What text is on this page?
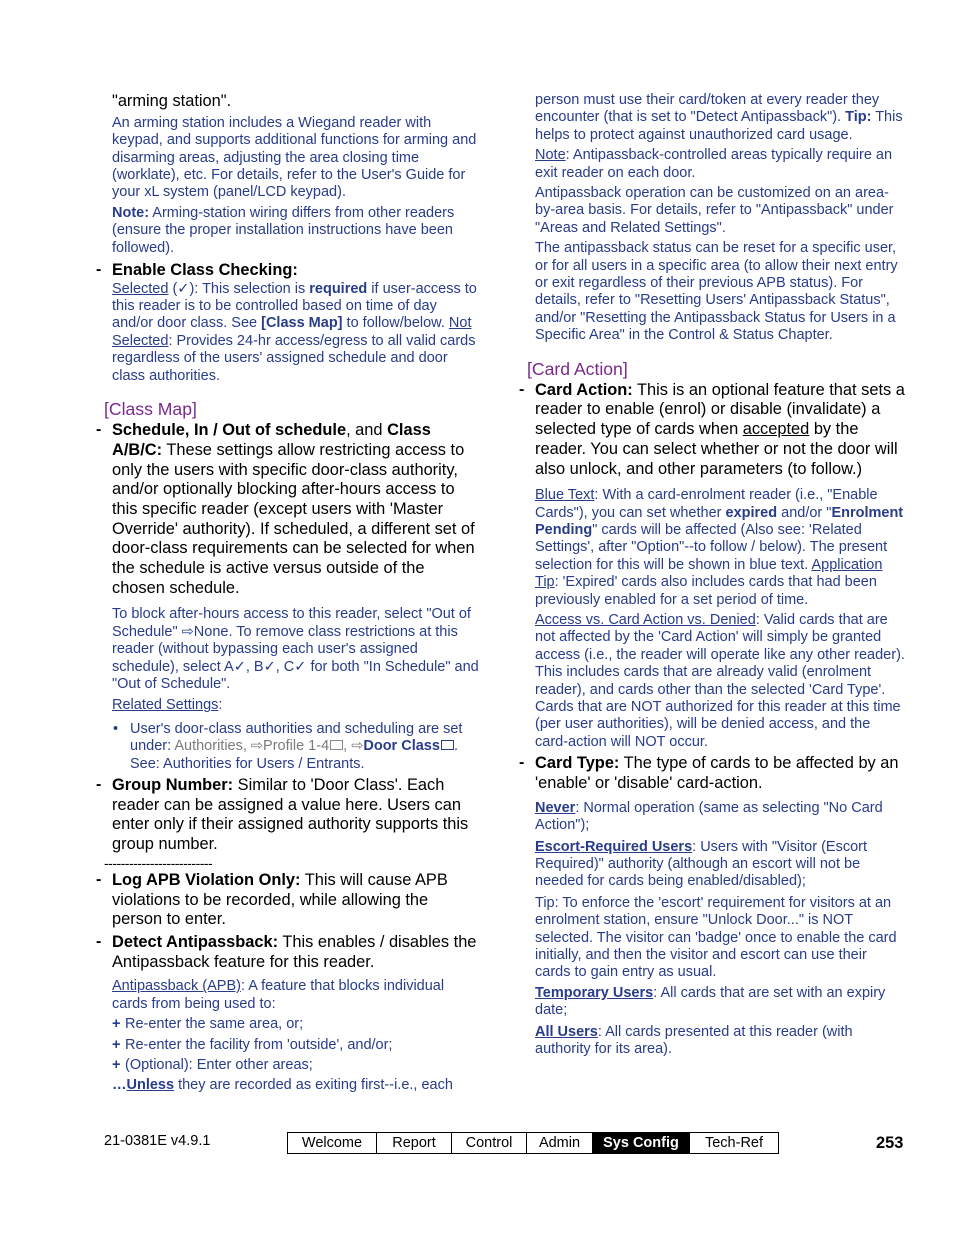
"arming station".

An arming station includes a Wiegand reader with keypad, and supports additional functions for arming and disarming areas, adjusting the area closing time (worklate), etc. For details, refer to the User's Guide for your xL system (panel/LCD keypad).

Note: Arming-station wiring differs from other readers (ensure the proper installation instructions have been followed).

- Enable Class Checking:

Selected (✓): This selection is required if user-access to this reader is to be controlled based on time of day and/or door class. See [Class Map] to follow/below. Not Selected: Provides 24-hr access/egress to all valid cards regardless of the users' assigned schedule and door class authorities.

[Class Map]
- Schedule, In / Out of schedule, and Class A/B/C: These settings allow restricting access to only the users with specific door-class authority, and/or optionally blocking after-hours access to this specific reader (except users with 'Master Override' authority). If scheduled, a different set of door-class requirements can be selected for when the schedule is active versus outside of the chosen schedule.

To block after-hours access to this reader, select "Out of Schedule" ⇨None. To remove class restrictions at this reader (without bypassing each user's assigned schedule), select A✓, B✓, C✓ for both "In Schedule" and "Out of Schedule".

Related Settings:

• User's door-class authorities and scheduling are set under: Authorities, ⇨Profile 1-4 , ⇨Door Class . See: Authorities for Users / Entrants.
- Group Number: Similar to 'Door Class'. Each reader can be assigned a value here. Users can enter only if their assigned authority supports this group number.

--------------------------
- Log APB Violation Only: This will cause APB violations to be recorded, while allowing the person to enter.

- Detect Antipassback: This enables / disables the Antipassback feature for this reader.

Antipassback (APB): A feature that blocks individual cards from being used to:

+ Re-enter the same area, or;
+ Re-enter the facility from 'outside', and/or;
+ (Optional): Enter other areas;

…Unless they are recorded as exiting first--i.e., each

person must use their card/token at every reader they encounter (that is set to "Detect Antipassback"). Tip: This helps to protect against unauthorized card usage.

Note: Antipassback-controlled areas typically require an exit reader on each door.

Antipassback operation can be customized on an area-by-area basis. For details, refer to "Antipassback" under "Areas and Related Settings".

The antipassback status can be reset for a specific user, or for all users in a specific area (to allow their next entry or exit regardless of their previous APB status). For details, refer to "Resetting Users' Antipassback Status", and/or "Resetting the Antipassback Status for Users in a Specific Area" in the Control & Status Chapter.

[Card Action]
- Card Action: This is an optional feature that sets a reader to enable (enrol) or disable (invalidate) a selected type of cards when accepted by the reader. You can select whether or not the door will also unlock, and other parameters (to follow.)

Blue Text: With a card-enrolment reader (i.e., "Enable Cards"), you can set whether expired and/or "Enrolment Pending" cards will be affected (Also see: 'Related Settings', after "Option"--to follow / below). The present selection for this will be shown in blue text. Application Tip: 'Expired' cards also includes cards that had been previously enabled for a set period of time.

Access vs. Card Action vs. Denied: Valid cards that are not affected by the 'Card Action' will simply be granted access (i.e., the reader will operate like any other reader). This includes cards that are already valid (enrolment reader), and cards other than the selected 'Card Type'. Cards that are NOT authorized for this reader at this time (per user authorities), will be denied access, and the card-action will NOT occur.

- Card Type: The type of cards to be affected by an 'enable' or 'disable' card-action.

Never: Normal operation (same as selecting "No Card Action");

Escort-Required Users: Users with "Visitor (Escort Required)" authority (although an escort will not be needed for cards being enabled/disabled);

Tip: To enforce the 'escort' requirement for visitors at an enrolment station, ensure "Unlock Door..." is NOT selected. The visitor can 'badge' once to enable the card initially, and then the visitor and escort can use their cards to gain entry as usual.

Temporary Users: All cards that are set with an expiry date;

All Users: All cards presented at this reader (with authority for its area).

21-0381E v4.9.1	Welcome	Report	Control	Admin	Sys Config	Tech-Ref	253
